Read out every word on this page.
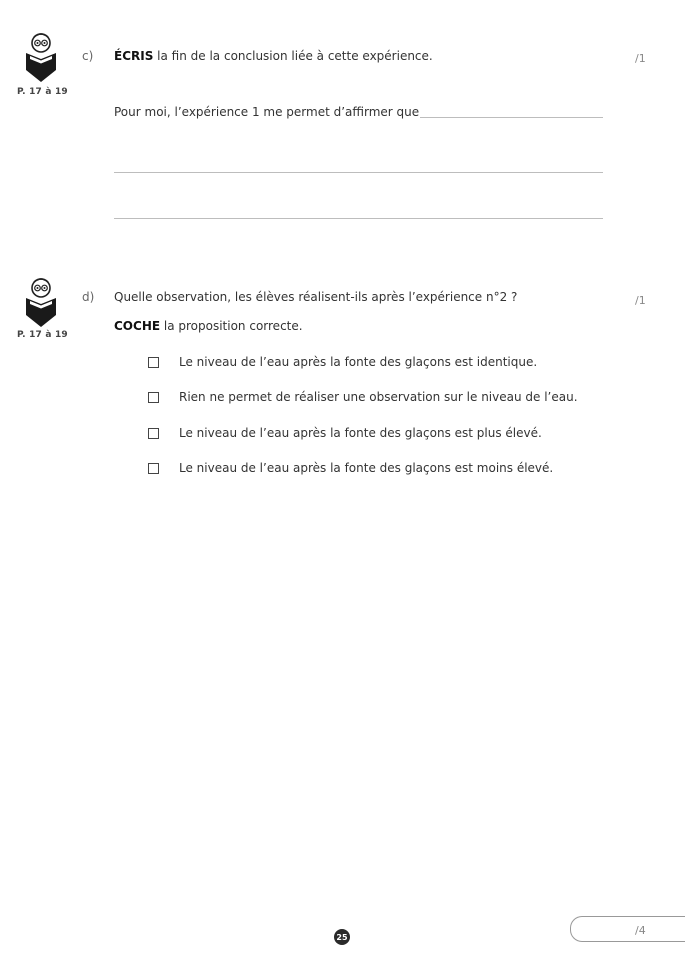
P. 17 à 19
c) ÉCRIS la fin de la conclusion liée à cette expérience.	/1
Pour moi, l’expérience 1 me permet d’affirmer que
P. 17 à 19
d) Quelle observation, les élèves réalisent-ils après l’expérience n°2 ?	/1
COCHE la proposition correcte.
Le niveau de l’eau après la fonte des glaçons est identique.
Rien ne permet de réaliser une observation sur le niveau de l’eau.
Le niveau de l’eau après la fonte des glaçons est plus élevé.
Le niveau de l’eau après la fonte des glaçons est moins élevé.
25	/4
